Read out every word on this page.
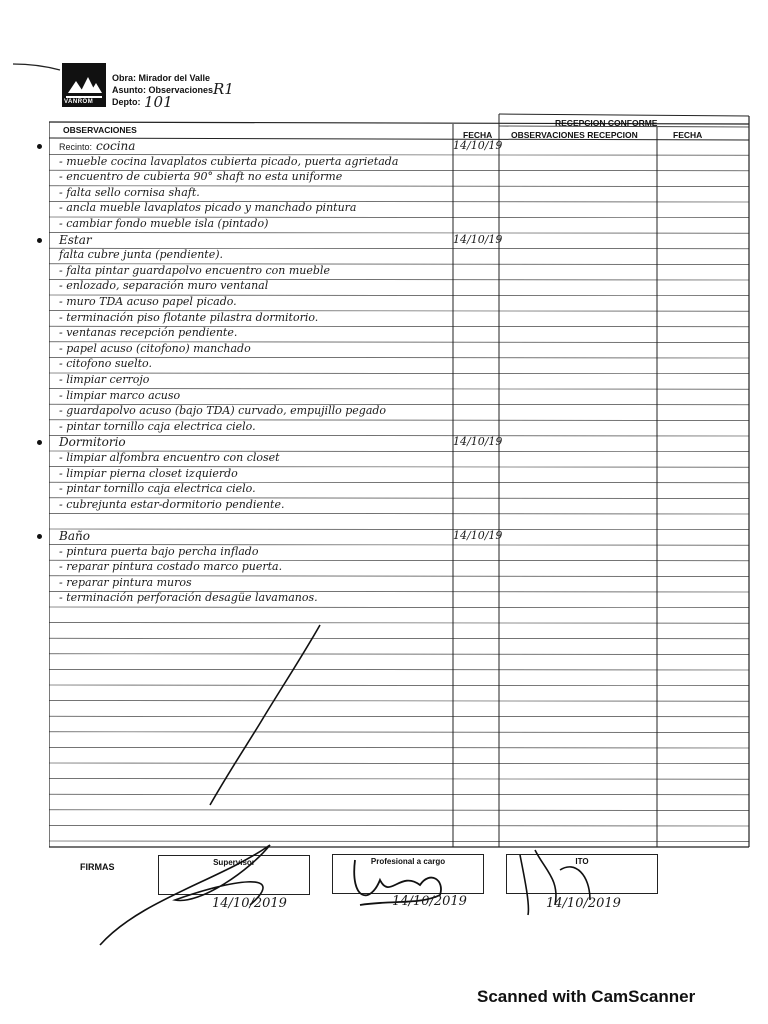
VANROM
Obra: Mirador del Valle
Asunto: Observaciones R1
Depto: 101
OBSERVACIONES	FECHA
RECEPCION CONFORME
OBSERVACIONES RECEPCION	FECHA
Recinto: cocina	14/10/19
- mueble cocina lavaplatos cubierta picado, puerta agrietada
- encuentro de cubierta 90° shaft no esta uniforme
- falta sello cornisa shaft.
- ancla mueble lavaplatos picado y manchado pintura
- cambiar fondo mueble isla (pintado)
Estar	14/10/19
falta cubre junta (pendiente).
- falta pintar guardapolvo encuentro con mueble
- enlozado, separación muro ventanal
- muro TDA acuso papel picado.
- terminación piso flotante pilastra dormitorio.
- ventanas recepción pendiente.
- papel acuso (citofono) manchado
- citofono suelto.
- limpiar cerrojo
- limpiar marco acuso
- guardapolvo acuso (bajo TDA) curvado, empujillo pegado
- pintar tornillo caja electrica cielo.
Dormitorio	14/10/19
- limpiar alfombra encuentro con closet
- limpiar pierna closet izquierdo
- pintar tornillo caja electrica cielo.
- cubrejunta estar-dormitorio pendiente.
Baño	14/10/19
- pintura puerta bajo percha inflado
- reparar pintura costado marco puerta.
- reparar pintura muros
- terminación perforación desagüe lavamanos.
FIRMAS	Supervisor	Profesional a cargo	ITO
14/10/2019	14/10/2019	14/10/2019
Scanned with CamScanner
